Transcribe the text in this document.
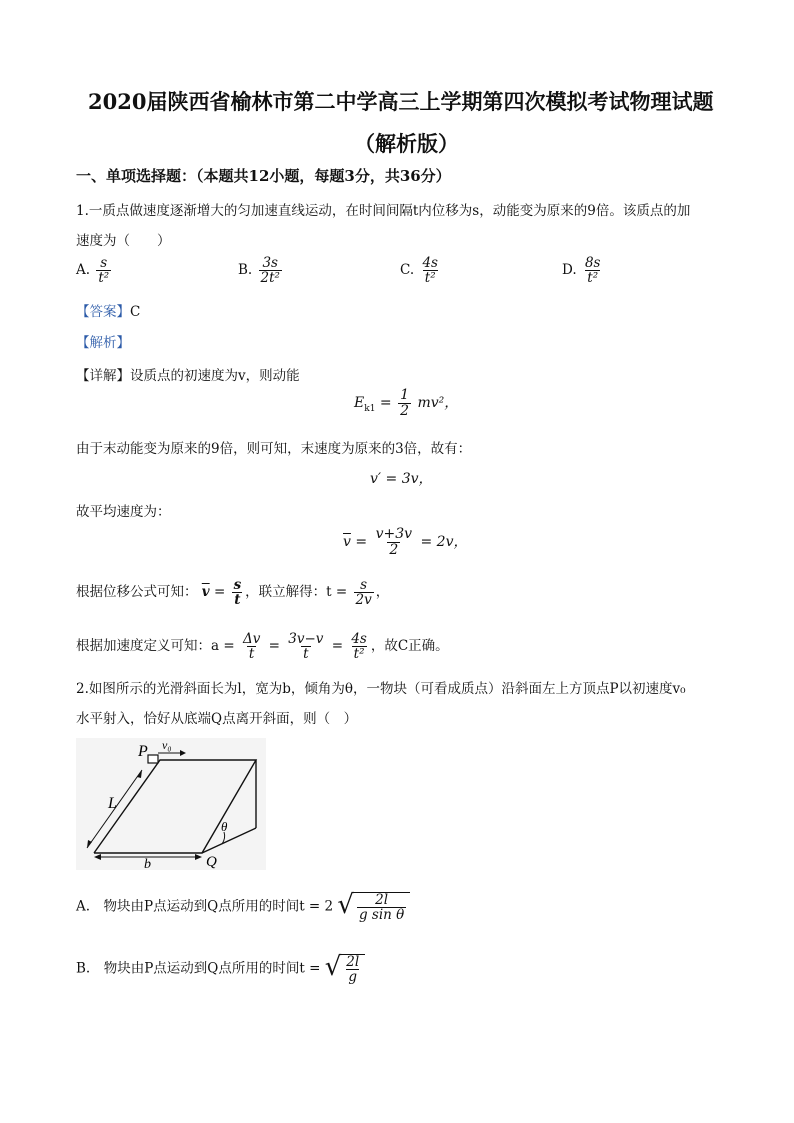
2020届陕西省榆林市第二中学高三上学期第四次模拟考试物理试题
（解析版）
一、单项选择题：（本题共12小题，每题3分，共36分）
1.一质点做速度逐渐增大的匀加速直线运动，在时间间隔t内位移为s，动能变为原来的9倍。该质点的加
速度为（　　）
A. $\frac{s}{\text{t²}}$	B. $\frac{3s}{\text{2t²}}$	C. $\frac{4s}{\text{t²}}$	D. $\frac{8s}{\text{t²}}$
【答案】C
【解析】
【详解】设质点的初速度为v，则动能
$E_{k1} = \frac{1}{2} mv^2$，
由于末动能变为原来的9倍，则可知，末速度为原来的3倍，故有：
v′ = 3v，
故平均速度为：
$\overline{v} = \frac{v+3v}{2} = 2v$，
根据位移公式可知： $\overline{v} = \frac{s}{t}$ ，联立解得：$t = \frac{s}{2v}$ ，
根据加速度定义可知：$a = \frac{\Delta v}{t} = \frac{3v-v}{t} = \frac{4s}{\text{t²}}$ ，故C正确。
2.如图所示的光滑斜面长为l，宽为b，倾角为θ，一物块（可看成质点）沿斜面左上方顶点P以初速度v₀
水平射入，恰好从底端Q点离开斜面，则（　）
P v₀
L
b	Q
θ
A.　物块由P点运动到Q点所用的时间t = 2 √ $\frac{2l}{\text{g sin θ}}$
B.　物块由P点运动到Q点所用的时间t = √ $\frac{2l}{g}$
